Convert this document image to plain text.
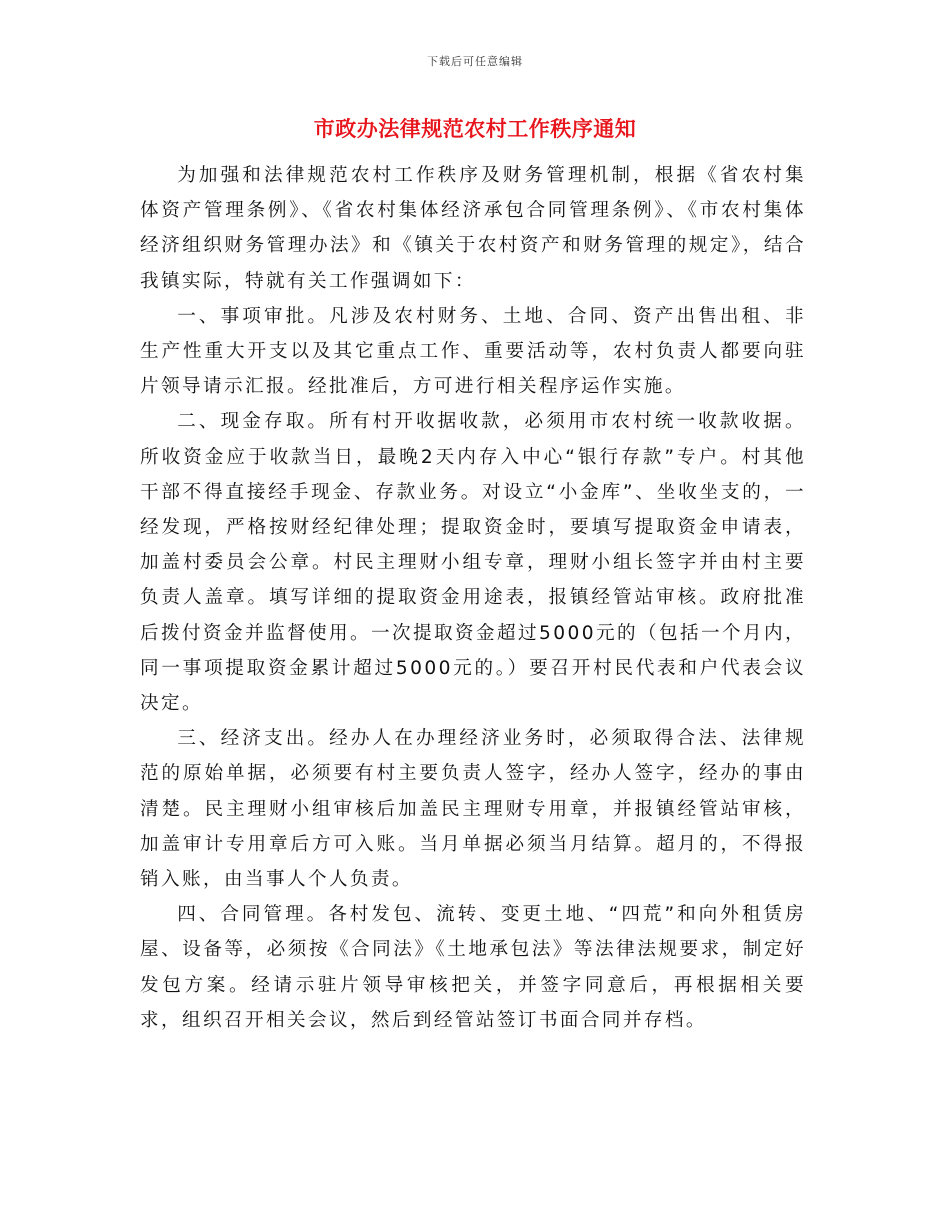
下载后可任意编辑
市政办法律规范农村工作秩序通知

为加强和法律规范农村工作秩序及财务管理机制，根据《省农村集体资产管理条例》、《省农村集体经济承包合同管理条例》、《市农村集体经济组织财务管理办法》和《镇关于农村资产和财务管理的规定》，结合我镇实际，特就有关工作强调如下：

一、事项审批。凡涉及农村财务、土地、合同、资产出售出租、非生产性重大开支以及其它重点工作、重要活动等，农村负责人都要向驻片领导请示汇报。经批准后，方可进行相关程序运作实施。

二、现金存取。所有村开收据收款，必须用市农村统一收款收据。所收资金应于收款当日，最晚2天内存入中心“银行存款”专户。村其他干部不得直接经手现金、存款业务。对设立“小金库”、坐收坐支的，一经发现，严格按财经纪律处理；提取资金时，要填写提取资金申请表，加盖村委员会公章。村民主理财小组专章，理财小组长签字并由村主要负责人盖章。填写详细的提取资金用途表，报镇经管站审核。政府批准后拨付资金并监督使用。一次提取资金超过5000元的（包括一个月内，同一事项提取资金累计超过5000元的。）要召开村民代表和户代表会议决定。

三、经济支出。经办人在办理经济业务时，必须取得合法、法律规范的原始单据，必须要有村主要负责人签字，经办人签字，经办的事由清楚。民主理财小组审核后加盖民主理财专用章，并报镇经管站审核，加盖审计专用章后方可入账。当月单据必须当月结算。超月的，不得报销入账，由当事人个人负责。

四、合同管理。各村发包、流转、变更土地、“四荒”和向外租赁房屋、设备等，必须按《合同法》《土地承包法》等法律法规要求，制定好发包方案。经请示驻片领导审核把关，并签字同意后，再根据相关要求，组织召开相关会议，然后到经管站签订书面合同并存档。
